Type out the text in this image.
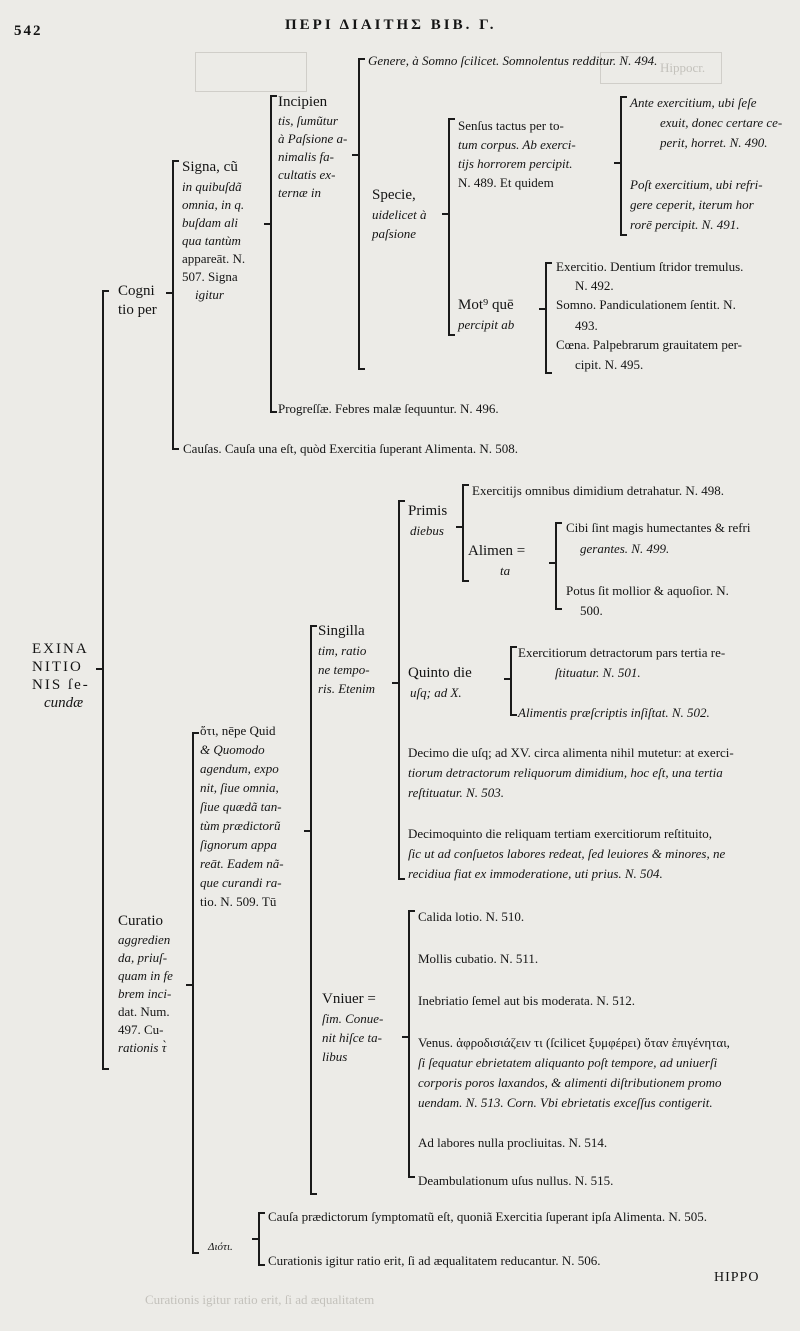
Hippocr.
Curationis igitur ratio erit, ſi ad æqualitatem
542	ΠΕΡΙ ΔΙΑΙΤΗΣ ΒΙΒ. Γ.
EXINA
NITIO
NIS ſe-
cundæ
Cogni
tio per
Signa, cũ
in quibuſdã
omnia, in q.
buſdam ali
qua tantùm
appareāt. N.
507. Signa
igitur
Incipien
tis, ſumũtur
à Paſsione a-
nimalis fa-
cultatis ex-
ternæ in
Genere, à Somno ſcilicet. Somnolentus redditur. N. 494.
Specie,
uidelicet à
paſsione
Senſus tactus per to-
tum corpus. Ab exerci-
tijs horrorem percipit.
N. 489. Et quidem
Ante exercitium, ubi ſeſe
exuit, donec certare ce-
perit, horret. N. 490.
Poſt exercitium, ubi refri-
gere ceperit, iterum hor
rorē percipit. N. 491.
Mot⁹ quē
percipit ab
Exercitio. Dentium ſtridor tremulus.
N. 492.
Somno. Pandiculationem ſentit. N.
493.
Cœna. Palpebrarum grauitatem per-
cipit. N. 495.
Progreſſæ. Febres malæ ſequuntur. N. 496.
Cauſas. Cauſa una eſt, quòd Exercitia ſuperant Alimenta. N. 508.
Curatio
aggredien
da, priuſ-
quam in fe
brem inci-
dat. Num.
497. Cu-
rationis τ̀
ὅτι, nēpe Quid
& Quomodo
agendum, expo
nit, ſiue omnia,
ſiue quædã tan-
tùm prædictorũ
ſignorum appa
reāt. Eadem nã-
que curandi ra-
tio. N. 509. Tū
Singilla
tim, ratio
ne tempo-
ris. Etenim
Primis
diebus
Exercitijs omnibus dimidium detrahatur. N. 498.
Alimen =
ta
Cibi ſint magis humectantes & refri
gerantes. N. 499.
Potus ſit mollior & aquoſior. N.
500.
Quinto die
uſq; ad X.
Exercitiorum detractorum pars tertia re-
ſtituatur. N. 501.
Alimentis præſcriptis inſiſtat. N. 502.
Decimo die uſq; ad XV. circa alimenta nihil mutetur: at exerci-
tiorum detractorum reliquorum dimidium, hoc eſt, una tertia
reſtituatur. N. 503.
Decimoquinto die reliquam tertiam exercitiorum reſtituito,
ſic ut ad conſuetos labores redeat, ſed leuiores & minores, ne
recidiua fiat ex immoderatione, uti prius. N. 504.
Vniuer =
ſim. Conue-
nit hiſce ta-
libus
Calida lotio. N. 510.
Mollis cubatio. N. 511.
Inebriatio ſemel aut bis moderata. N. 512.
Venus. ἀφροδισιάζειν τι (ſcilicet ξυμφέρει) ὅταν ἐπιγένηται,
ſi ſequatur ebrietatem aliquanto poſt tempore, ad uniuerſi
corporis poros laxandos, & alimenti diſtributionem promo
uendam. N. 513. Corn. Vbi ebrietatis exceſſus contigerit.
Ad labores nulla procliuitas. N. 514.
Deambulationum uſus nullus. N. 515.
Διότι.
Cauſa prædictorum ſymptomatũ eſt, quoniã Exercitia ſuperant ipſa Alimenta. N. 505.
Curationis igitur ratio erit, ſi ad æqualitatem reducantur. N. 506.
HIPPO
